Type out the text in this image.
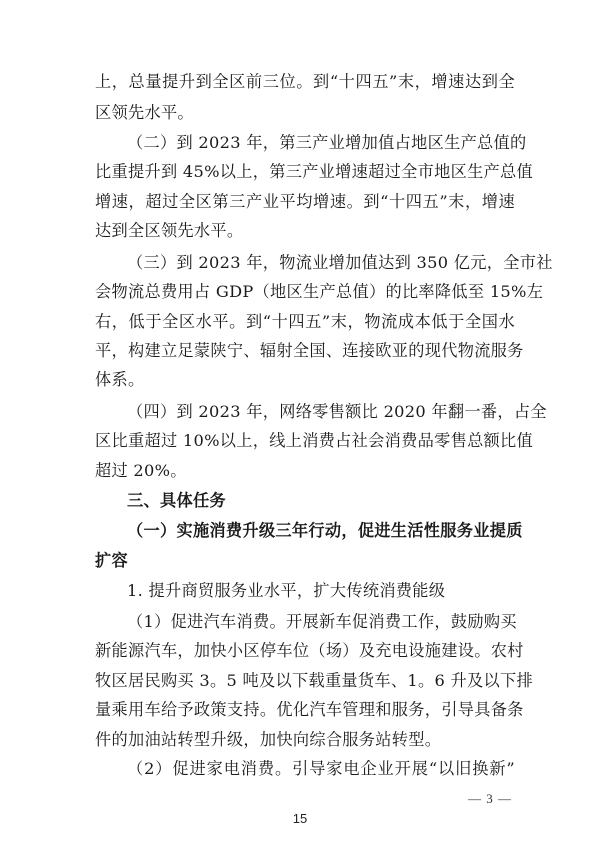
上，总量提升到全区前三位。到“十四五”末，增速达到全
区领先水平。
（二）到 2023 年，第三产业增加值占地区生产总值的
比重提升到 45%以上，第三产业增速超过全市地区生产总值
增速，超过全区第三产业平均增速。到“十四五”末，增速
达到全区领先水平。
（三）到 2023 年，物流业增加值达到 350 亿元，全市社
会物流总费用占 GDP（地区生产总值）的比率降低至 15%左
右，低于全区水平。到“十四五”末，物流成本低于全国水
平，构建立足蒙陕宁、辐射全国、连接欧亚的现代物流服务
体系。
（四）到 2023 年，网络零售额比 2020 年翻一番，占全
区比重超过 10%以上，线上消费占社会消费品零售总额比值
超过 20%。
三、具体任务
（一）实施消费升级三年行动，促进生活性服务业提质
扩容
1. 提升商贸服务业水平，扩大传统消费能级
（1）促进汽车消费。开展新车促消费工作，鼓励购买
新能源汽车，加快小区停车位（场）及充电设施建设。农村
牧区居民购买 3。5 吨及以下载重量货车、1。6 升及以下排
量乘用车给予政策支持。优化汽车管理和服务，引导具备条
件的加油站转型升级，加快向综合服务站转型。
（2）促进家电消费。引导家电企业开展“以旧换新”
— 3 —
15
